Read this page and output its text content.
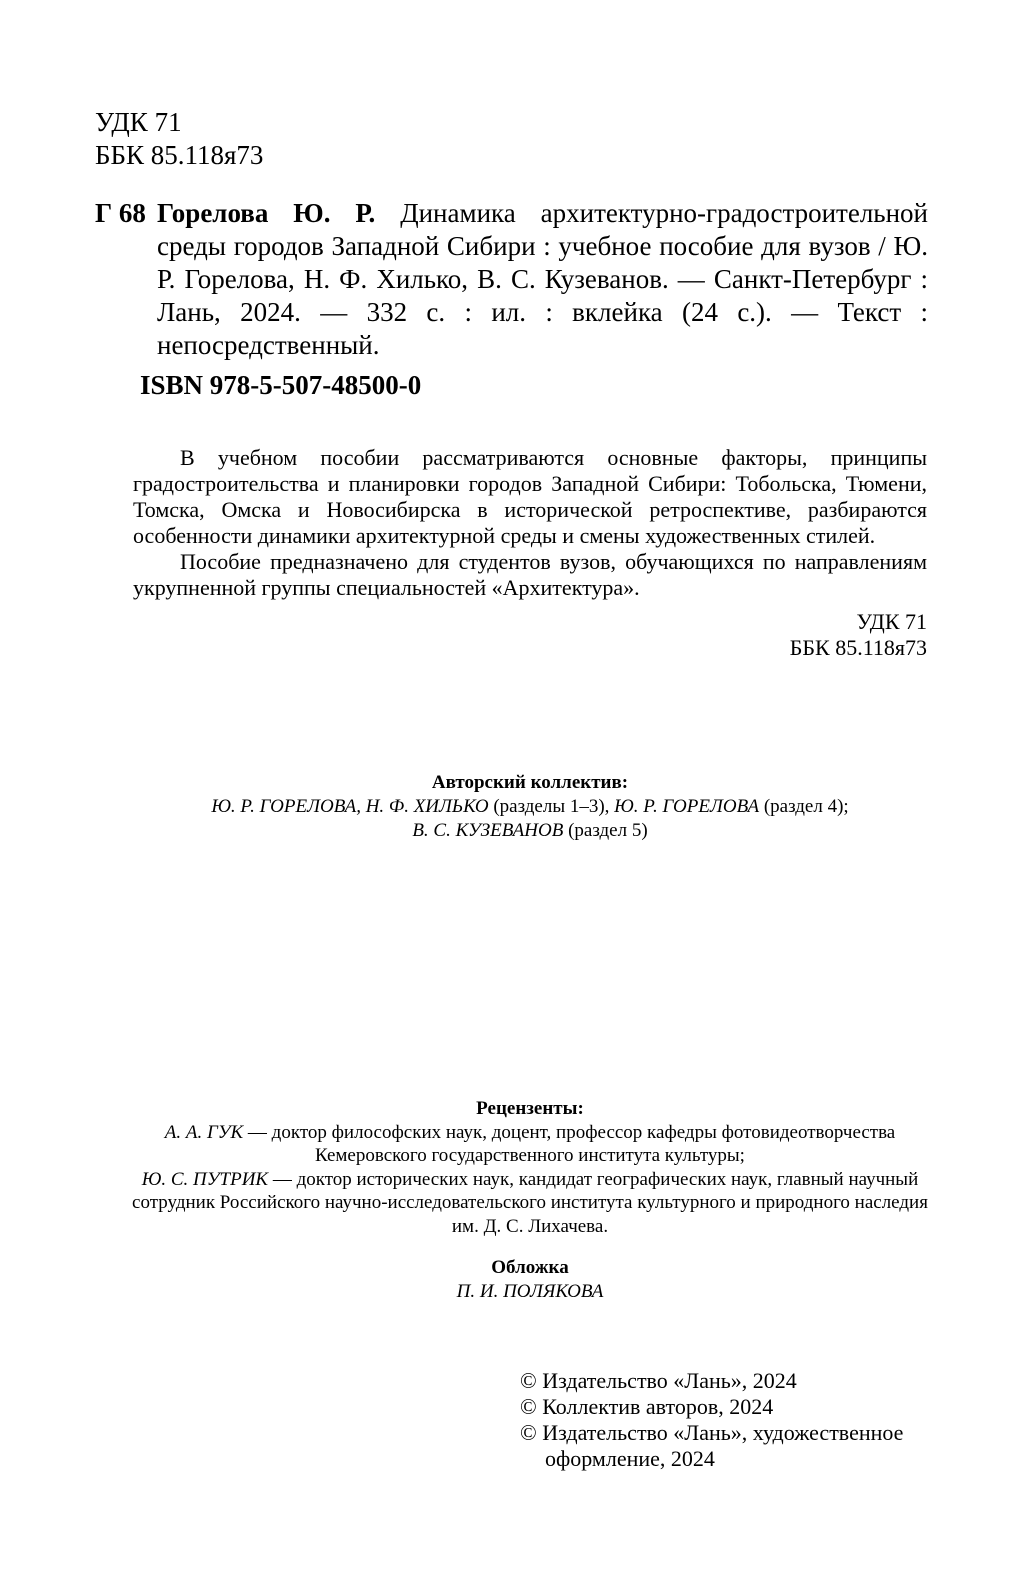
УДК 71
ББК 85.118я73
Г 68 Горелова Ю. Р. Динамика архитектурно-градостроительной среды городов Западной Сибири : учебное пособие для вузов / Ю. Р. Горелова, Н. Ф. Хилько, В. С. Кузеванов. — Санкт-Петербург : Лань, 2024. — 332 с. : ил. : вклейка (24 с.). — Текст : непосредственный.
ISBN 978-5-507-48500-0

В учебном пособии рассматриваются основные факторы, принципы градостроительства и планировки городов Западной Сибири: Тобольска, Тюмени, Томска, Омска и Новосибирска в исторической ретроспективе, разбираются особенности динамики архитектурной среды и смены художественных стилей.

Пособие предназначено для студентов вузов, обучающихся по направлениям укрупненной группы специальностей «Архитектура».

УДК 71
ББК 85.118я73
Авторский коллектив:
Ю. Р. ГОРЕЛОВА, Н. Ф. ХИЛЬКО (разделы 1–3), Ю. Р. ГОРЕЛОВА (раздел 4);
В. С. КУЗЕВАНОВ (раздел 5)
Рецензенты:
А. А. ГУК — доктор философских наук, доцент, профессор кафедры фотовидеотворчества Кемеровского государственного института культуры;
Ю. С. ПУТРИК — доктор исторических наук, кандидат географических наук, главный научный сотрудник Российского научно-исследовательского института культурного и природного наследия им. Д. С. Лихачева.
Обложка
П. И. ПОЛЯКОВА
© Издательство «Лань», 2024
© Коллектив авторов, 2024
© Издательство «Лань», художественное
оформление, 2024
